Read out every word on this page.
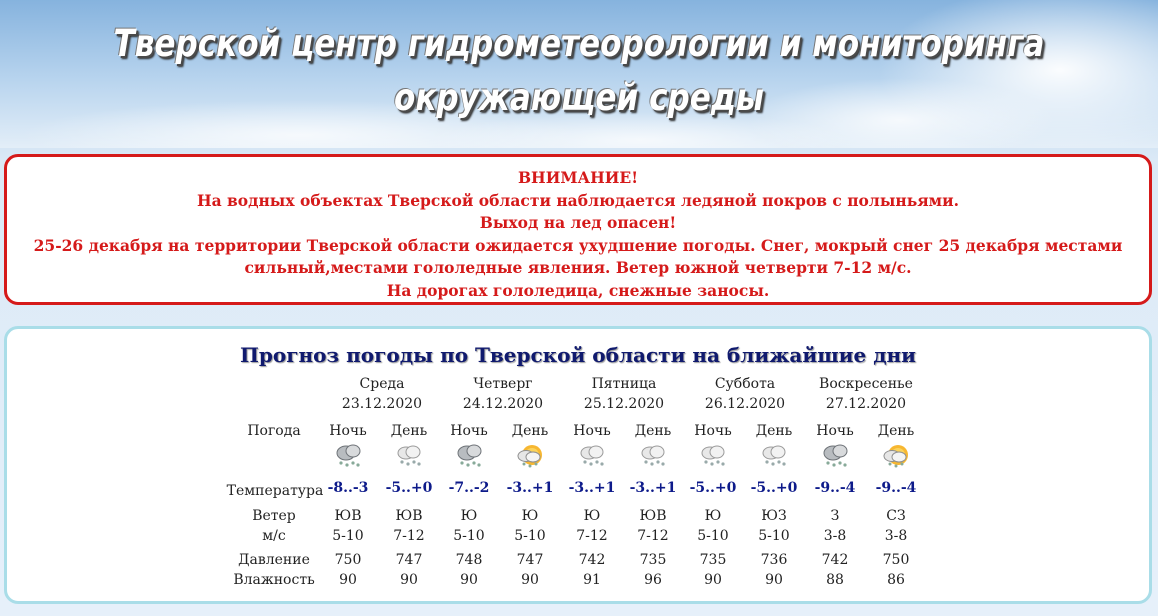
Тверской центр гидрометеорологии и мониторинга
окружающей среды
ВНИМАНИЕ!
На водных объектах Тверской области наблюдается ледяной покров с полыньями.
Выход на лед опасен!
25-26 декабря на территории Тверской области ожидается ухудшение погоды. Снег, мокрый снег 25 декабря местами
сильный,местами гололедные явления. Ветер южной четверти 7-12 м/с.
На дорогах гололедица, снежные заносы.
Прогноз погоды по Тверской области на ближайшие дни
Погода
Температура
Ветер
м/с
Давление
Влажность
Среда
23.12.2020
Четверг
24.12.2020
Пятница
25.12.2020
Суббота
26.12.2020
Воскресенье
27.12.2020
Ночь
-8..-3
ЮВ
5-10
750
90
День
-5..+0
ЮВ
7-12
747
90
Ночь
-7..-2
Ю
5-10
748
90
День
-3..+1
Ю
5-10
747
90
Ночь
-3..+1
Ю
7-12
742
91
День
-3..+1
ЮВ
7-12
735
96
Ночь
-5..+0
Ю
5-10
735
90
День
-5..+0
ЮЗ
5-10
736
90
Ночь
-9..-4
З
3-8
742
88
День
-9..-4
СЗ
3-8
750
86
